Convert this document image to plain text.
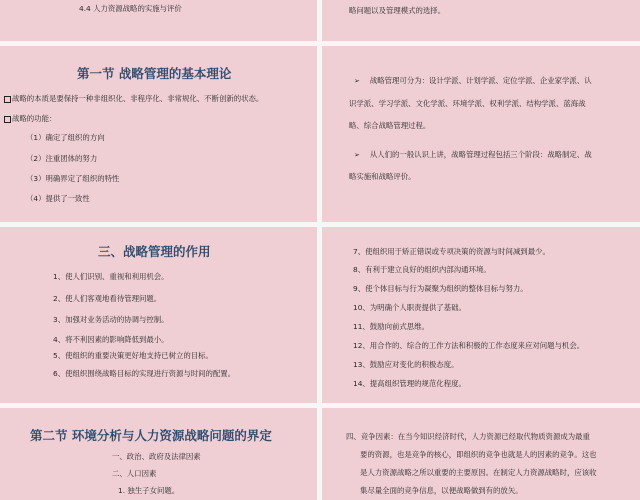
4.4 人力资源战略的实施与评价	略问题以及管理模式的选择。
第一节 战略管理的基本理论
战略的本质是要保持一种非组织化、非程序化、非常规化、不断创新的状态。
战略的功能：
（1）确定了组织的方向
（2）注重团体的努力
（3）明确界定了组织的特性
（4）提供了一致性
➢ 战略管理可分为：设计学派、计划学派、定位学派、企业家学派、认
识学派、学习学派、文化学派、环境学派、权利学派、结构学派、蓝海战
略、综合战略管理过程。
➢ 从人们的一般认识上讲，战略管理过程包括三个阶段：战略制定、战
略实施和战略评价。
三、战略管理的作用
1、使人们识别、重视和利用机会。
2、使人们客观地看待管理问题。
3、加强对业务活动的协调与控制。
4、将不利因素的影响降低到最小。
5、使组织的重要决策更好地支持已树立的目标。
6、使组织围绕战略目标的实现进行资源与时间的配置。
7、使组织用于矫正错误或专项决策的资源与时间减到最少。
8、有利于建立良好的组织内部沟通环境。
9、使个体目标与行为凝聚为组织的整体目标与努力。
10、为明确个人职责提供了基础。
11、鼓励向前式思维。
12、用合作的、综合的工作方法和积极的工作态度来应对问题与机会。
13、鼓励应对变化的积极态度。
14、提高组织管理的规范化程度。
第二节 环境分析与人力资源战略问题的界定
一、政治、政府及法律因素
二、人口因素
1. 独生子女问题。
四、竞争因素：在当今知识经济时代，人力资源已经取代物质资源成为最重
要的资源，也是竞争的核心，即组织的竞争也就是人的因素的竞争。这也
是人力资源战略之所以重要的主要原因。在制定人力资源战略时，应该收
集尽量全面的竞争信息，以便战略做到有的放矢。
